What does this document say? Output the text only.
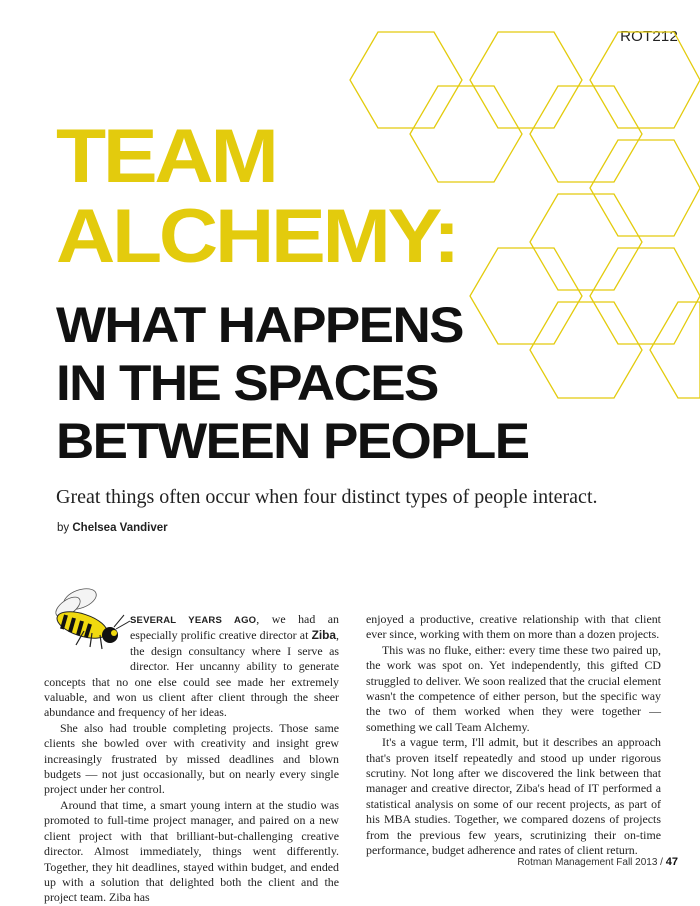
ROT212
TEAM
ALCHEMY:
WHAT HAPPENS
IN THE SPACES
BETWEEN PEOPLE

Great things often occur when four distinct types of people interact.

by Chelsea Vandiver

SEVERAL YEARS AGO, we had an especially prolific creative director at Ziba, the design consultancy where I serve as director. Her uncanny ability to generate concepts that no one else could see made her extremely valuable, and won us client after client through the sheer abundance and frequency of her ideas.

She also had trouble completing projects. Those same clients she bowled over with creativity and insight grew increasingly frustrated by missed deadlines and blown budgets — not just occasionally, but on nearly every single project under her control.

Around that time, a smart young intern at the studio was promoted to full-time project manager, and paired on a new client project with that brilliant-but-challenging creative director. Almost immediately, things went differently. Together, they hit deadlines, stayed within budget, and ended up with a solution that delighted both the client and the project team. Ziba has

enjoyed a productive, creative relationship with that client ever since, working with them on more than a dozen projects.

This was no fluke, either: every time these two paired up, the work was spot on. Yet independently, this gifted CD struggled to deliver. We soon realized that the crucial element wasn't the competence of either person, but the specific way the two of them worked when they were together — something we call Team Alchemy.

It's a vague term, I'll admit, but it describes an approach that's proven itself repeatedly and stood up under rigorous scrutiny. Not long after we discovered the link between that manager and creative director, Ziba's head of IT performed a statistical analysis on some of our recent projects, as part of his MBA studies. Together, we compared dozens of projects from the previous few years, scrutinizing their on-time performance, budget adherence and rates of client return.

Rotman Management Fall 2013 / 47
